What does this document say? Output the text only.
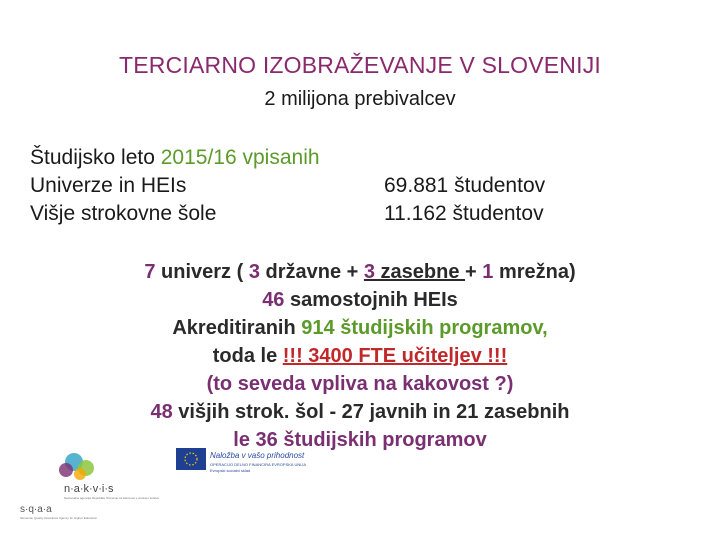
TERCIARNO IZOBRAŽEVANJE V SLOVENIJI
2 milijona prebivalcev
Študijsko leto 2015/16 vpisanih
Univerze in HEIs	69.881 študentov
Višje strokovne šole	11.162 študentov
7 univerz ( 3 državne + 3 zasebne + 1 mrežna)
46 samostojnih HEIs
Akreditiranih 914 študijskih programov,
toda le !!! 3400 FTE učiteljev !!!
(to seveda vpliva na kakovost ?)
48 višjih strok. šol - 27 javnih in 21 zasebnih
le 36 študijskih programov
n·a·k·v·i·s
Nacionalna agencija Republike Slovenije za kakovost v visokem šolstvu
s·q·a·a
Slovenian Quality Assurance Agency for Higher Education
Naložba v vašo prihodnost
OPERACIJO DELNO FINANCIRA EVROPSKA UNIJA
Evropski socialni sklad
